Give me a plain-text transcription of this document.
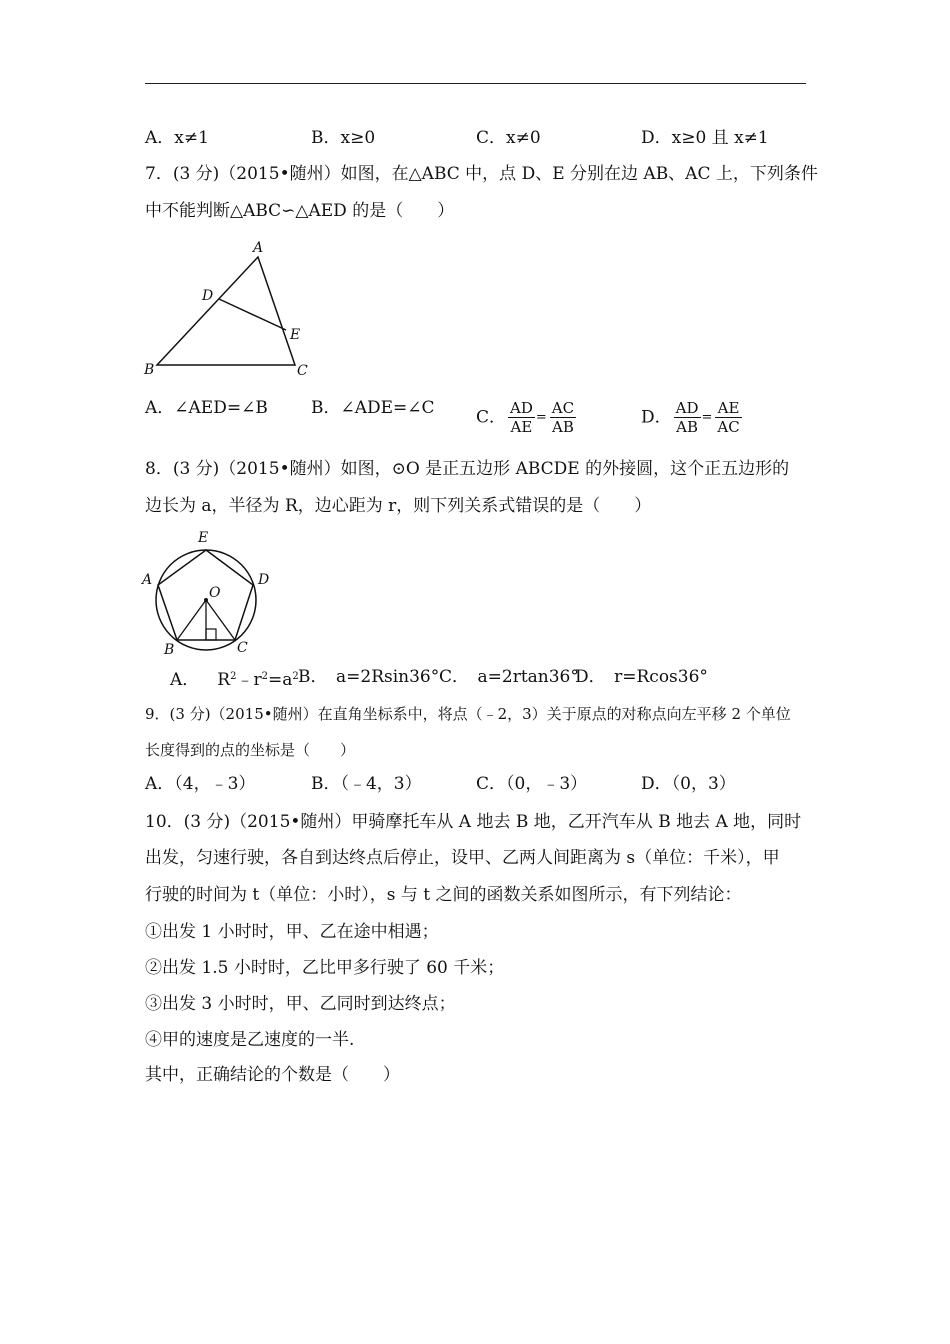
A．x≠1	B．x≥0	C．x≠0	D．x≥0 且 x≠1
7．(3 分)（2015•随州）如图，在△ABC 中，点 D、E 分别在边 AB、AC 上，下列条件
中不能判断△ABC∽△AED 的是（　　）
A
D
E
B	C
A．∠AED=∠B	B．∠ADE=∠C C． $\frac{AD}{AE} = \frac{AC}{AB}$	D． $\frac{AD}{AB} = \frac{AE}{AC}$
8．(3 分)（2015•随州）如图，⊙O 是正五边形 ABCDE 的外接圆，这个正五边形的
边长为 a，半径为 R，边心距为 r，则下列关系式错误的是（　　）
E
D
A
O
B	C
A． $R^2﹣r^2=a^2$ B．　a=2Rsin36° C．　a=2rtan36°
D．　r=Rcos36°
9．(3 分)（2015•随州）在直角坐标系中，将点（﹣2，3）关于原点的对称点向左平移 2 个单位
长度得到的点的坐标是（　　）
A．（4，﹣3）	B．（﹣4，3）	C．（0，﹣3）	D．（0，3）
10．(3 分)（2015•随州）甲骑摩托车从 A 地去 B 地，乙开汽车从 B 地去 A 地，同时
出发，匀速行驶，各自到达终点后停止，设甲、乙两人间距离为 s（单位：千米），甲
行驶的时间为 t（单位：小时），s 与 t 之间的函数关系如图所示，有下列结论：
①出发 1 小时时，甲、乙在途中相遇；
②出发 1.5 小时时，乙比甲多行驶了 60 千米；
③出发 3 小时时，甲、乙同时到达终点；
④甲的速度是乙速度的一半.
其中，正确结论的个数是（　　）
